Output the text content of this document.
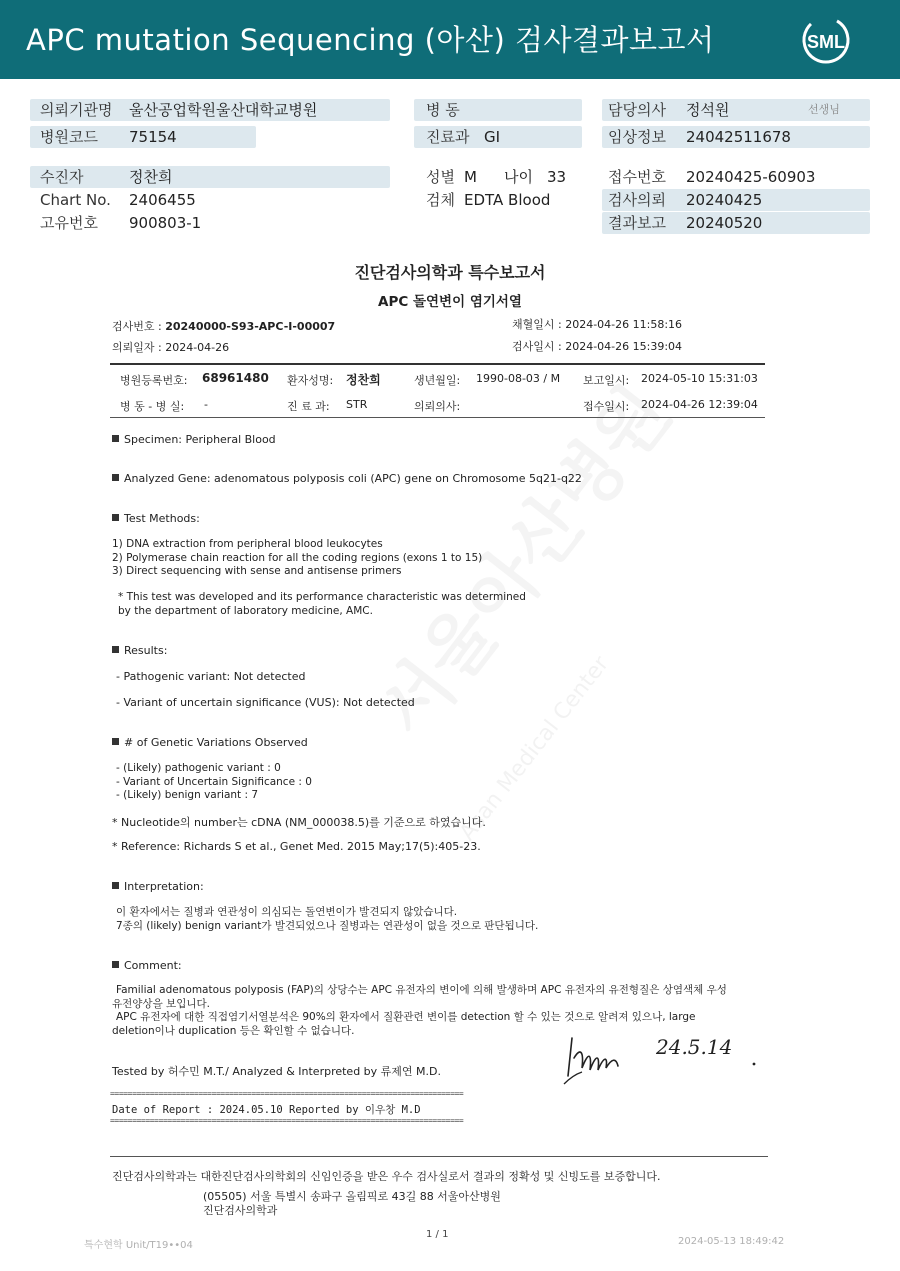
APC mutation Sequencing (아산) 검사결과보고서	SML
의뢰기관명 울산공업학원울산대학교병원	병 동	담당의사 정석원	선생님
병원코드 75154	진료과 GI	임상정보 24042511678
수진자	정찬희	성별 M 나이 33	접수번호 20240425-60903
Chart No. 2406455	검체 EDTA Blood	검사의뢰 20240425
고유번호 900803-1	결과보고 20240520
Asan Medical Center
진단검사의학과 특수보고서
APC 돌연변이 염기서열
검사번호 : 20240000-S93-APC-I-00007	채혈일시 : 2024-04-26 11:58:16
의뢰일자 : 2024-04-26	검사일시 : 2024-04-26 15:39:04
병원등록번호: 68961480 환자성명: 정찬희	생년월일: 1990-08-03 / M 보고일시: 2024-05-10 15:31:03
병 동 - 병 실: -	진 료 과: STR	의뢰의사:	접수일시: 2024-04-26 12:39:04
Specimen: Peripheral Blood
Analyzed Gene: adenomatous polyposis coli (APC) gene on Chromosome 5q21-q22
Test Methods:
1) DNA extraction from peripheral blood leukocytes
2) Polymerase chain reaction for all the coding regions (exons 1 to 15)
3) Direct sequencing with sense and antisense primers
* This test was developed and its performance characteristic was determined
by the department of laboratory medicine, AMC.
Results:
- Pathogenic variant: Not detected
- Variant of uncertain significance (VUS): Not detected
# of Genetic Variations Observed
- (Likely) pathogenic variant : 0
- Variant of Uncertain Significance : 0
- (Likely) benign variant : 7
* Nucleotide의 number는 cDNA (NM_000038.5)를 기준으로 하였습니다.
* Reference: Richards S et al., Genet Med. 2015 May;17(5):405-23.
Interpretation:
이 환자에서는 질병과 연관성이 의심되는 돌연변이가 발견되지 않았습니다.
7종의 (likely) benign variant가 발견되었으나 질병과는 연관성이 없을 것으로 판단됩니다.
Comment:
Familial adenomatous polyposis (FAP)의 상당수는 APC 유전자의 변이에 의해 발생하며 APC 유전자의 유전형질은 상염색체 우성
유전양상을 보입니다.
APC 유전자에 대한 직접염기서열분석은 90%의 환자에서 질환관련 변이를 detection 할 수 있는 것으로 알려져 있으나, large
deletion이나 duplication 등은 확인할 수 없습니다.
Tested by 허수민 M.T./ Analyzed & Interpreted by 류제연 M.D.
24.5.14
================================================================================
Date of Report : 2024.05.10 Reported by 이우창 M.D
================================================================================
진단검사의학과는 대한진단검사의학회의 신임인증을 받은 우수 검사실로서 결과의 정확성 및 신빙도를 보증합니다.
(05505) 서울 특별시 송파구 올림픽로 43길 88 서울아산병원
진단검사의학과
특수현학 Unit/T19••04
1 / 1
2024-05-13 18:49:42
